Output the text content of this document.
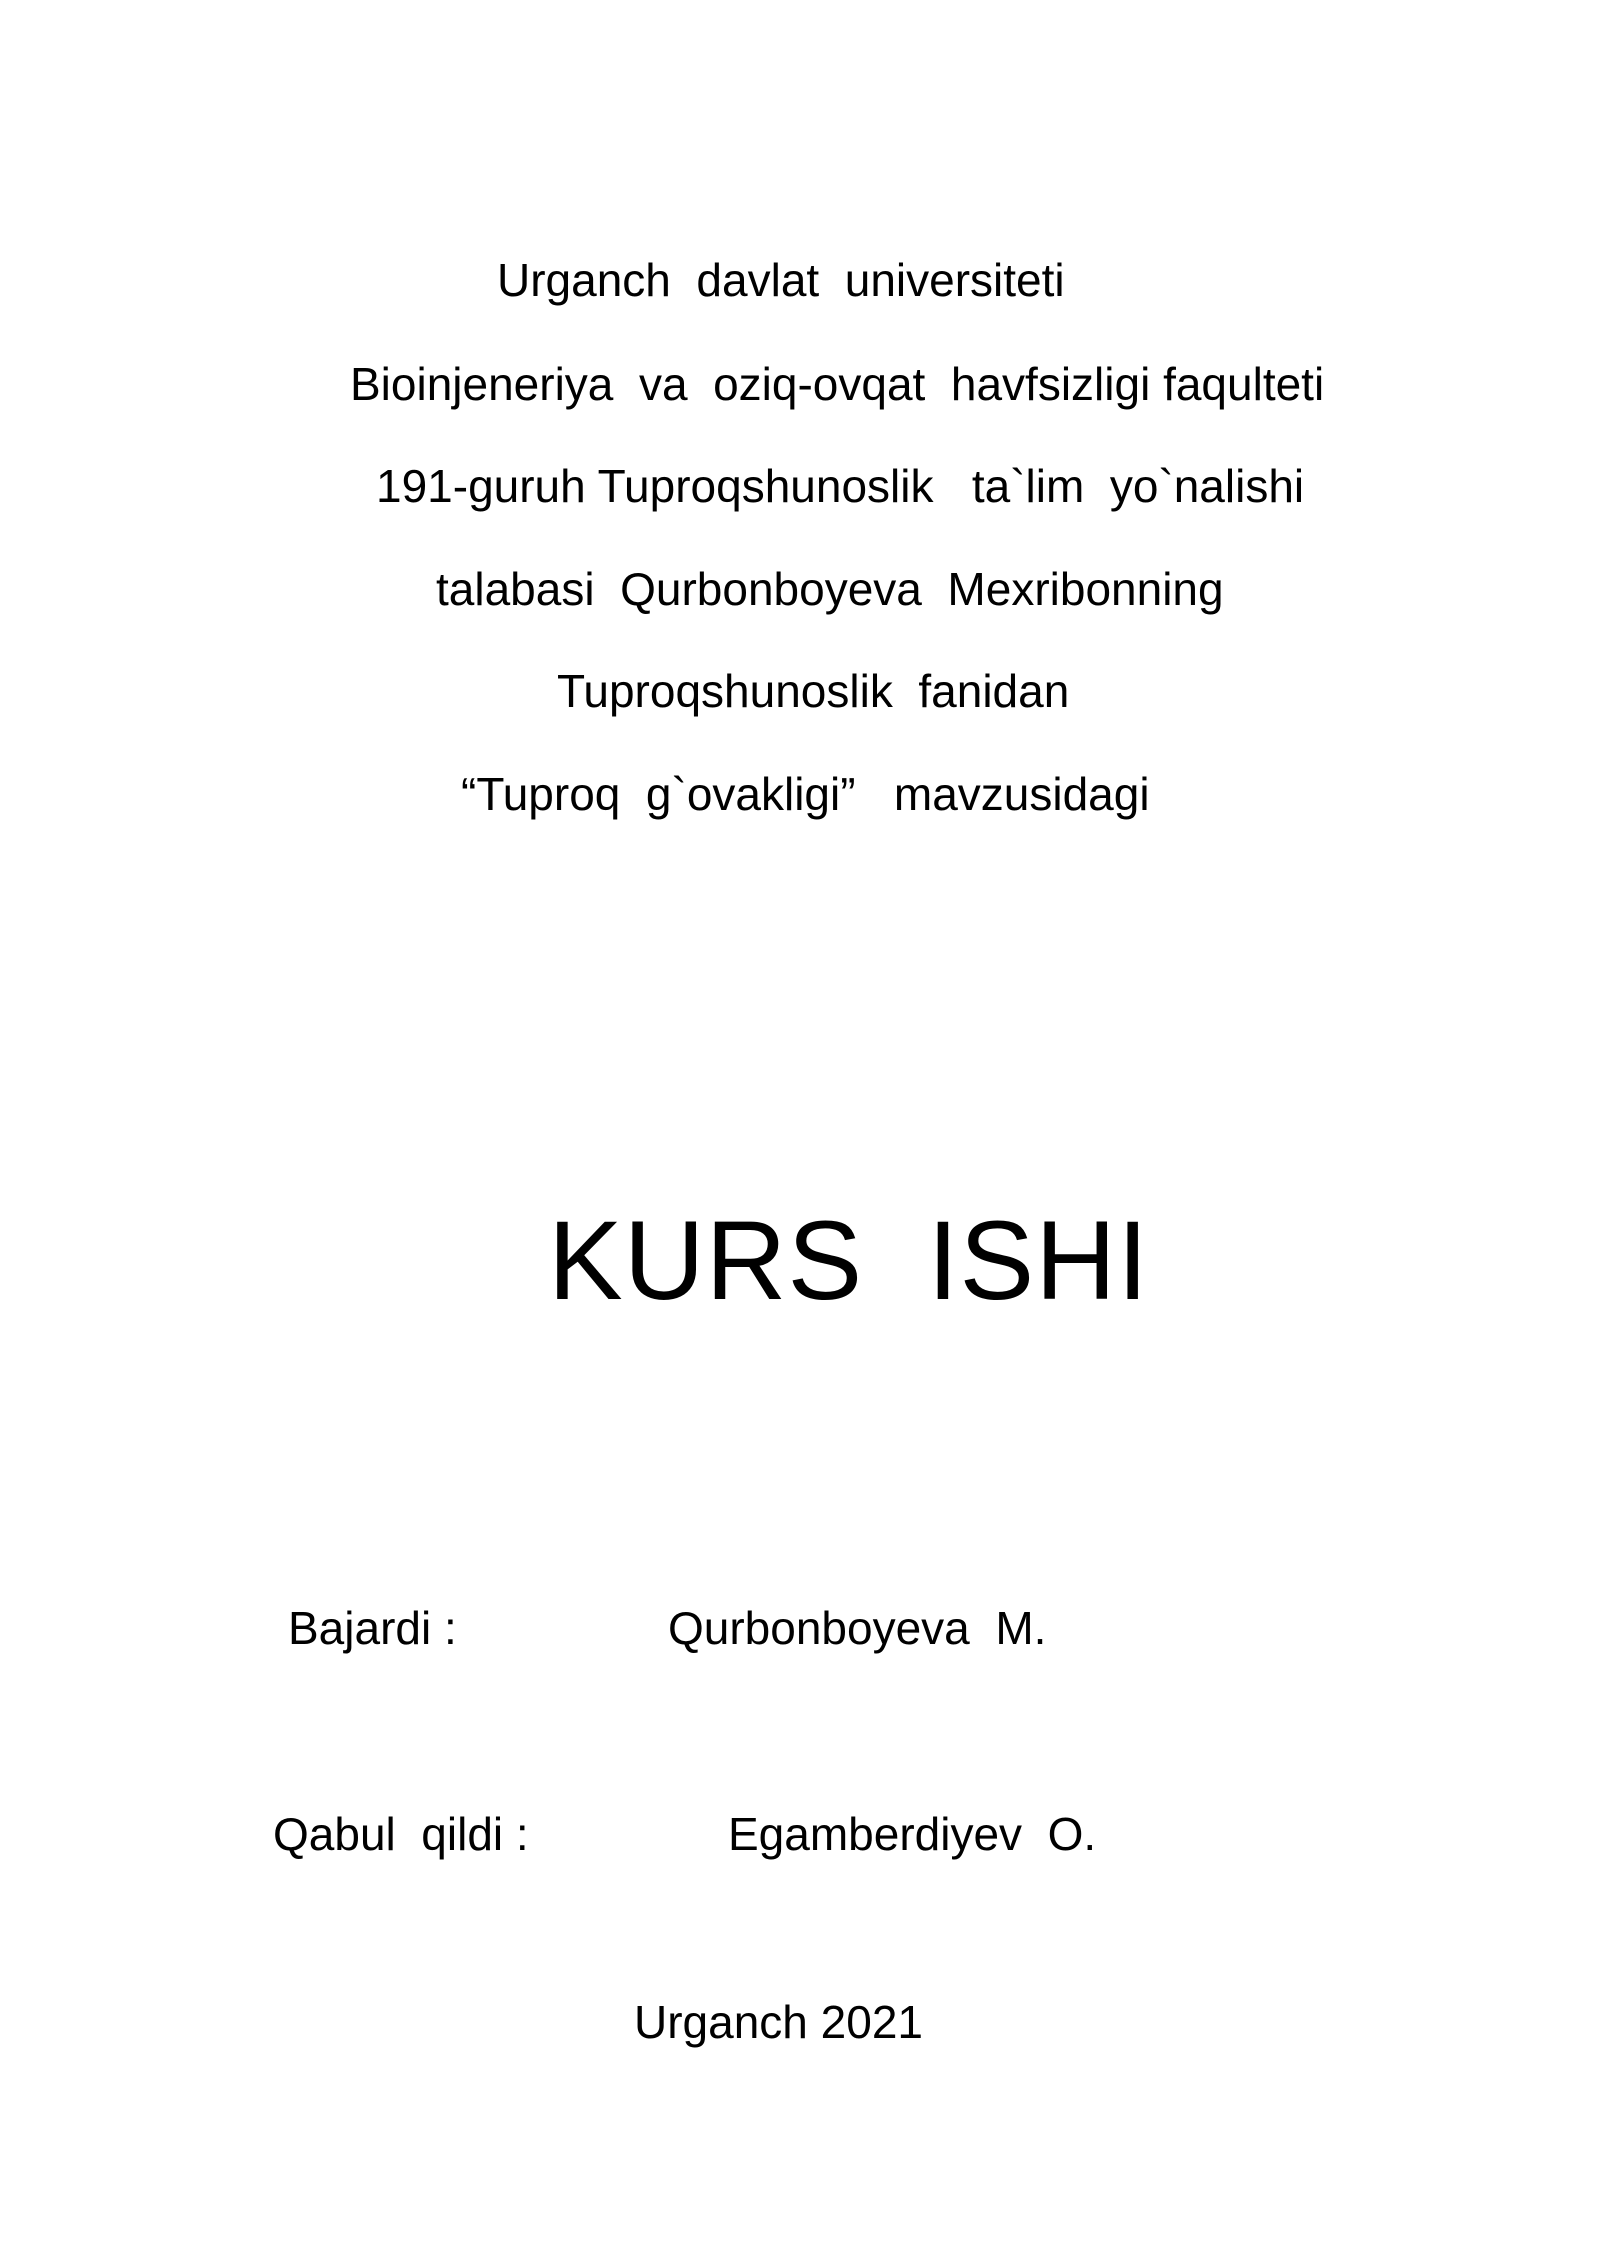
Urganch  davlat  universiteti
Bioinjeneriya  va  oziq-ovqat  havfsizligi faqulteti
191-guruh Tuproqshunoslik   ta`lim  yo`nalishi
talabasi  Qurbonboyeva  Mexribonning
Tuproqshunoslik  fanidan
“Tuproq  g`ovakligi”   mavzusidagi
KURS  ISHI
Bajardi :	Qurbonboyeva  M.
Qabul  qildi :	Egamberdiyev  O.
Urganch 2021
